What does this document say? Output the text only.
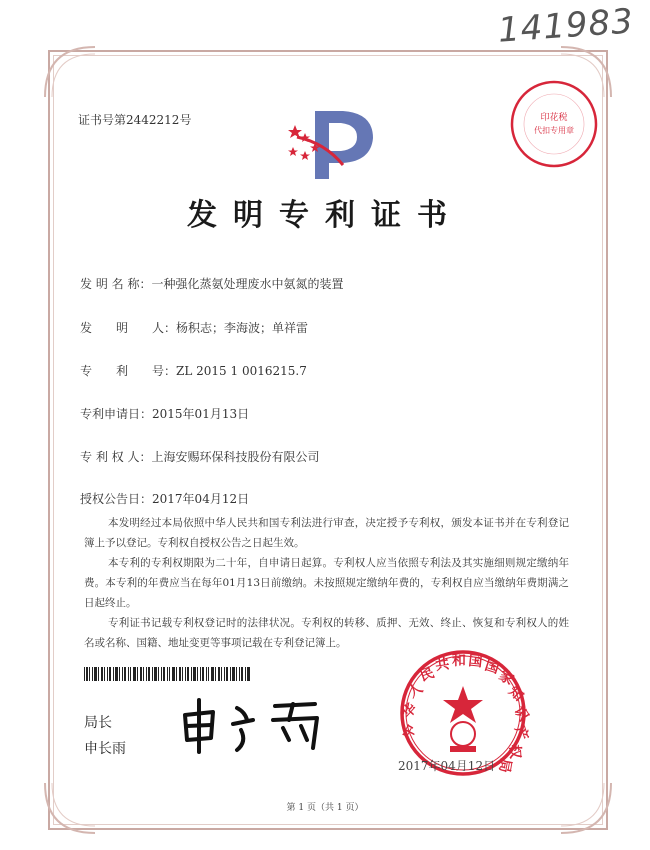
141983
证书号第2442212号	印花税
代扣专用章
发明专利证书
发 明 名 称：一种强化蒸氨处理废水中氨氮的装置
发　　明　　人：杨积志；李海波；单祥雷
专　　利　　号：ZL 2015 1 0016215.7
专利申请日：2015年01月13日
专 利 权 人：上海安赐环保科技股份有限公司
授权公告日：2017年04月12日

本发明经过本局依照中华人民共和国专利法进行审查，决定授予专利权，颁发本证书并在专利登记簿上予以登记。专利权自授权公告之日起生效。

本专利的专利权期限为二十年，自申请日起算。专利权人应当依照专利法及其实施细则规定缴纳年费。本专利的年费应当在每年01月13日前缴纳。未按照规定缴纳年费的，专利权自应当缴纳年费期满之日起终止。

专利证书记载专利权登记时的法律状况。专利权的转移、质押、无效、终止、恢复和专利权人的姓名或名称、国籍、地址变更等事项记载在专利登记簿上。

局长
申长雨
中
华
人
民
共 和 国 国
家
知
识
产
权
局
2017年04月12日
第 1 页（共 1 页）
